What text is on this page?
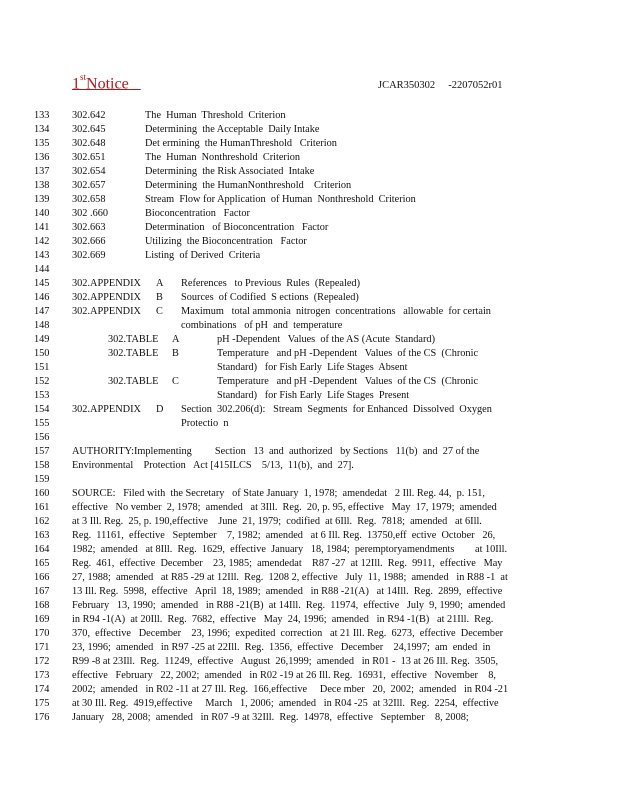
1stNotice	JCAR350302     -2207052r01
133	302.642	The  Human  Threshold  Criterion
134	302.645	Determining  the Acceptable  Daily Intake
135	302.648	Det ermining  the HumanThreshold   Criterion
136	302.651	The  Human  Nonthreshold  Criterion
137	302.654	Determining  the Risk Associated  Intake
138	302.657	Determining  the HumanNonthreshold    Criterion
139	302.658	Stream  Flow for Application  of Human  Nonthreshold  Criterion
140	302 .660	Bioconcentration   Factor
141	302.663	Determination   of Bioconcentration   Factor
142	302.666	Utilizing  the Bioconcentration   Factor
143	302.669	Listing  of Derived  Criteria
144
145	302.APPENDIX A References   to Previous  Rules  (Repealed)
146	302.APPENDIX B Sources  of Codified  S ections  (Repealed)
147	302.APPENDIX C Maximum   total ammonia  nitrogen  concentrations   allowable  for certain
148	combinations   of pH  and  temperature
149	302.TABLE A	pH -Dependent   Values  of the AS (Acute  Standard)
150	302.TABLE B	Temperature   and pH -Dependent   Values  of the CS  (Chronic
151	Standard)   for Fish Early  Life Stages  Absent
152	302.TABLE C	Temperature   and pH -Dependent   Values  of the CS  (Chronic
153	Standard)   for Fish Early  Life Stages  Present
154	302.APPENDIX D Section  302.206(d):   Stream  Segments  for Enhanced  Dissolved  Oxygen
155	Protectio  n
156
157	AUTHORITY:Implementing         Section   13  and  authorized   by Sections   11(b)  and  27 of the
158	Environmental    Protection   Act [415ILCS    5/13,  11(b),  and  27].
159
160	SOURCE:   Filed with  the Secretary   of State January  1, 1978;  amendedat   2 Ill. Reg. 44,  p. 151,
161	effective   No vember  2, 1978;  amended   at 3Ill.  Reg.  20, p. 95, effective   May  17, 1979;  amended
162	at 3 Ill. Reg.  25, p. 190,effective    June  21, 1979;  codified  at 6Ill.  Reg.  7818;  amended   at 6Ill.
163	Reg.  11161,  effective   September    7, 1982;  amended   at 6 Ill. Reg.  13750,eff  ective  October   26,
164	1982;  amended   at 8Ill.  Reg.  1629,  effective  January   18, 1984;  peremptoryamendments        at 10Ill.
165	Reg.  461,  effective  December    23, 1985;  amendedat    R87 -27  at 12Ill.  Reg.  9911,  effective   May
166	27, 1988;  amended   at R85 -29 at 12Ill.  Reg.  1208 2, effective   July  11, 1988;  amended   in R88 -1  at
167	13 Ill. Reg.  5998,  effective   April  18, 1989;  amended   in R88 -21(A)   at 14Ill.  Reg.  2899,  effective
168	February   13, 1990;  amended   in R88 -21(B)  at 14Ill.  Reg.  11974,  effective   July  9, 1990;  amended
169	in R94 -1(A)  at 20Ill.  Reg.  7682,  effective   May  24, 1996;  amended   in R94 -1(B)   at 21Ill.  Reg.
170	370,  effective   December    23, 1996;  expedited  correction   at 21 Ill. Reg.  6273,  effective  December
171	23, 1996;  amended   in R97 -25 at 22Ill.  Reg.  1356,  effective   December    24,1997;  am  ended  in
172	R99 -8 at 23Ill.  Reg.  11249,  effective   August  26,1999;  amended   in R01 -  13 at 26 Ill. Reg.  3505,
173	effective   February   22, 2002;  amended   in R02 -19 at 26 Ill. Reg.  16931,  effective   November    8,
174	2002;  amended   in R02 -11 at 27 Ill. Reg.  166,effective     Dece mber   20,  2002;  amended   in R04 -21
175	at 30 Ill. Reg.  4919,effective     March   1, 2006;  amended   in R04 -25  at 32Ill.  Reg.  2254,  effective
176	January   28, 2008;  amended   in R07 -9 at 32Ill.  Reg.  14978,  effective   September    8, 2008;
